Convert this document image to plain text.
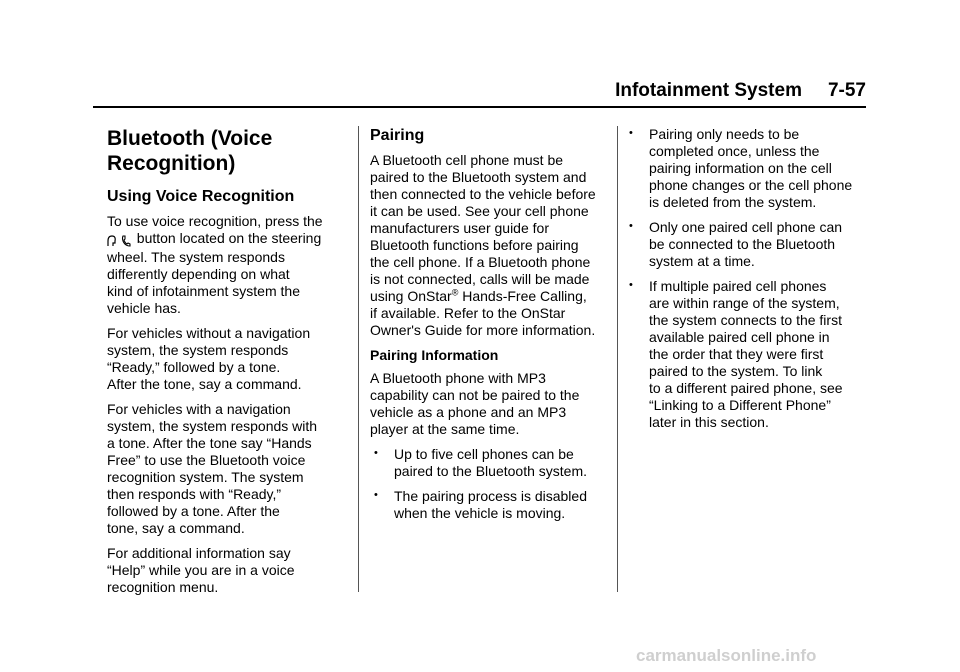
Infotainment System 7-57
Bluetooth (Voice
Recognition)
Using Voice Recognition

To use voice recognition, press the
button located on the steering
wheel. The system responds
differently depending on what
kind of infotainment system the
vehicle has.

For vehicles without a navigation
system, the system responds
“Ready,” followed by a tone.
After the tone, say a command.

For vehicles with a navigation
system, the system responds with
a tone. After the tone say “Hands
Free” to use the Bluetooth voice
recognition system. The system
then responds with “Ready,”
followed by a tone. After the
tone, say a command.

For additional information say
“Help” while you are in a voice
recognition menu.

Pairing

A Bluetooth cell phone must be
paired to the Bluetooth system and
then connected to the vehicle before
it can be used. See your cell phone
manufacturers user guide for
Bluetooth functions before pairing
the cell phone. If a Bluetooth phone
is not connected, calls will be made
using OnStar® Hands-Free Calling,
if available. Refer to the OnStar
Owner's Guide for more information.

Pairing Information

A Bluetooth phone with MP3
capability can not be paired to the
vehicle as a phone and an MP3
player at the same time.

• Up to five cell phones can be
paired to the Bluetooth system.
• The pairing process is disabled
when the vehicle is moving.
• Pairing only needs to be
completed once, unless the
pairing information on the cell
phone changes or the cell phone
is deleted from the system.
• Only one paired cell phone can
be connected to the Bluetooth
system at a time.
• If multiple paired cell phones
are within range of the system,
the system connects to the first
available paired cell phone in
the order that they were first
paired to the system. To link
to a different paired phone, see
“Linking to a Different Phone”
later in this section.
carmanualsonline.info
